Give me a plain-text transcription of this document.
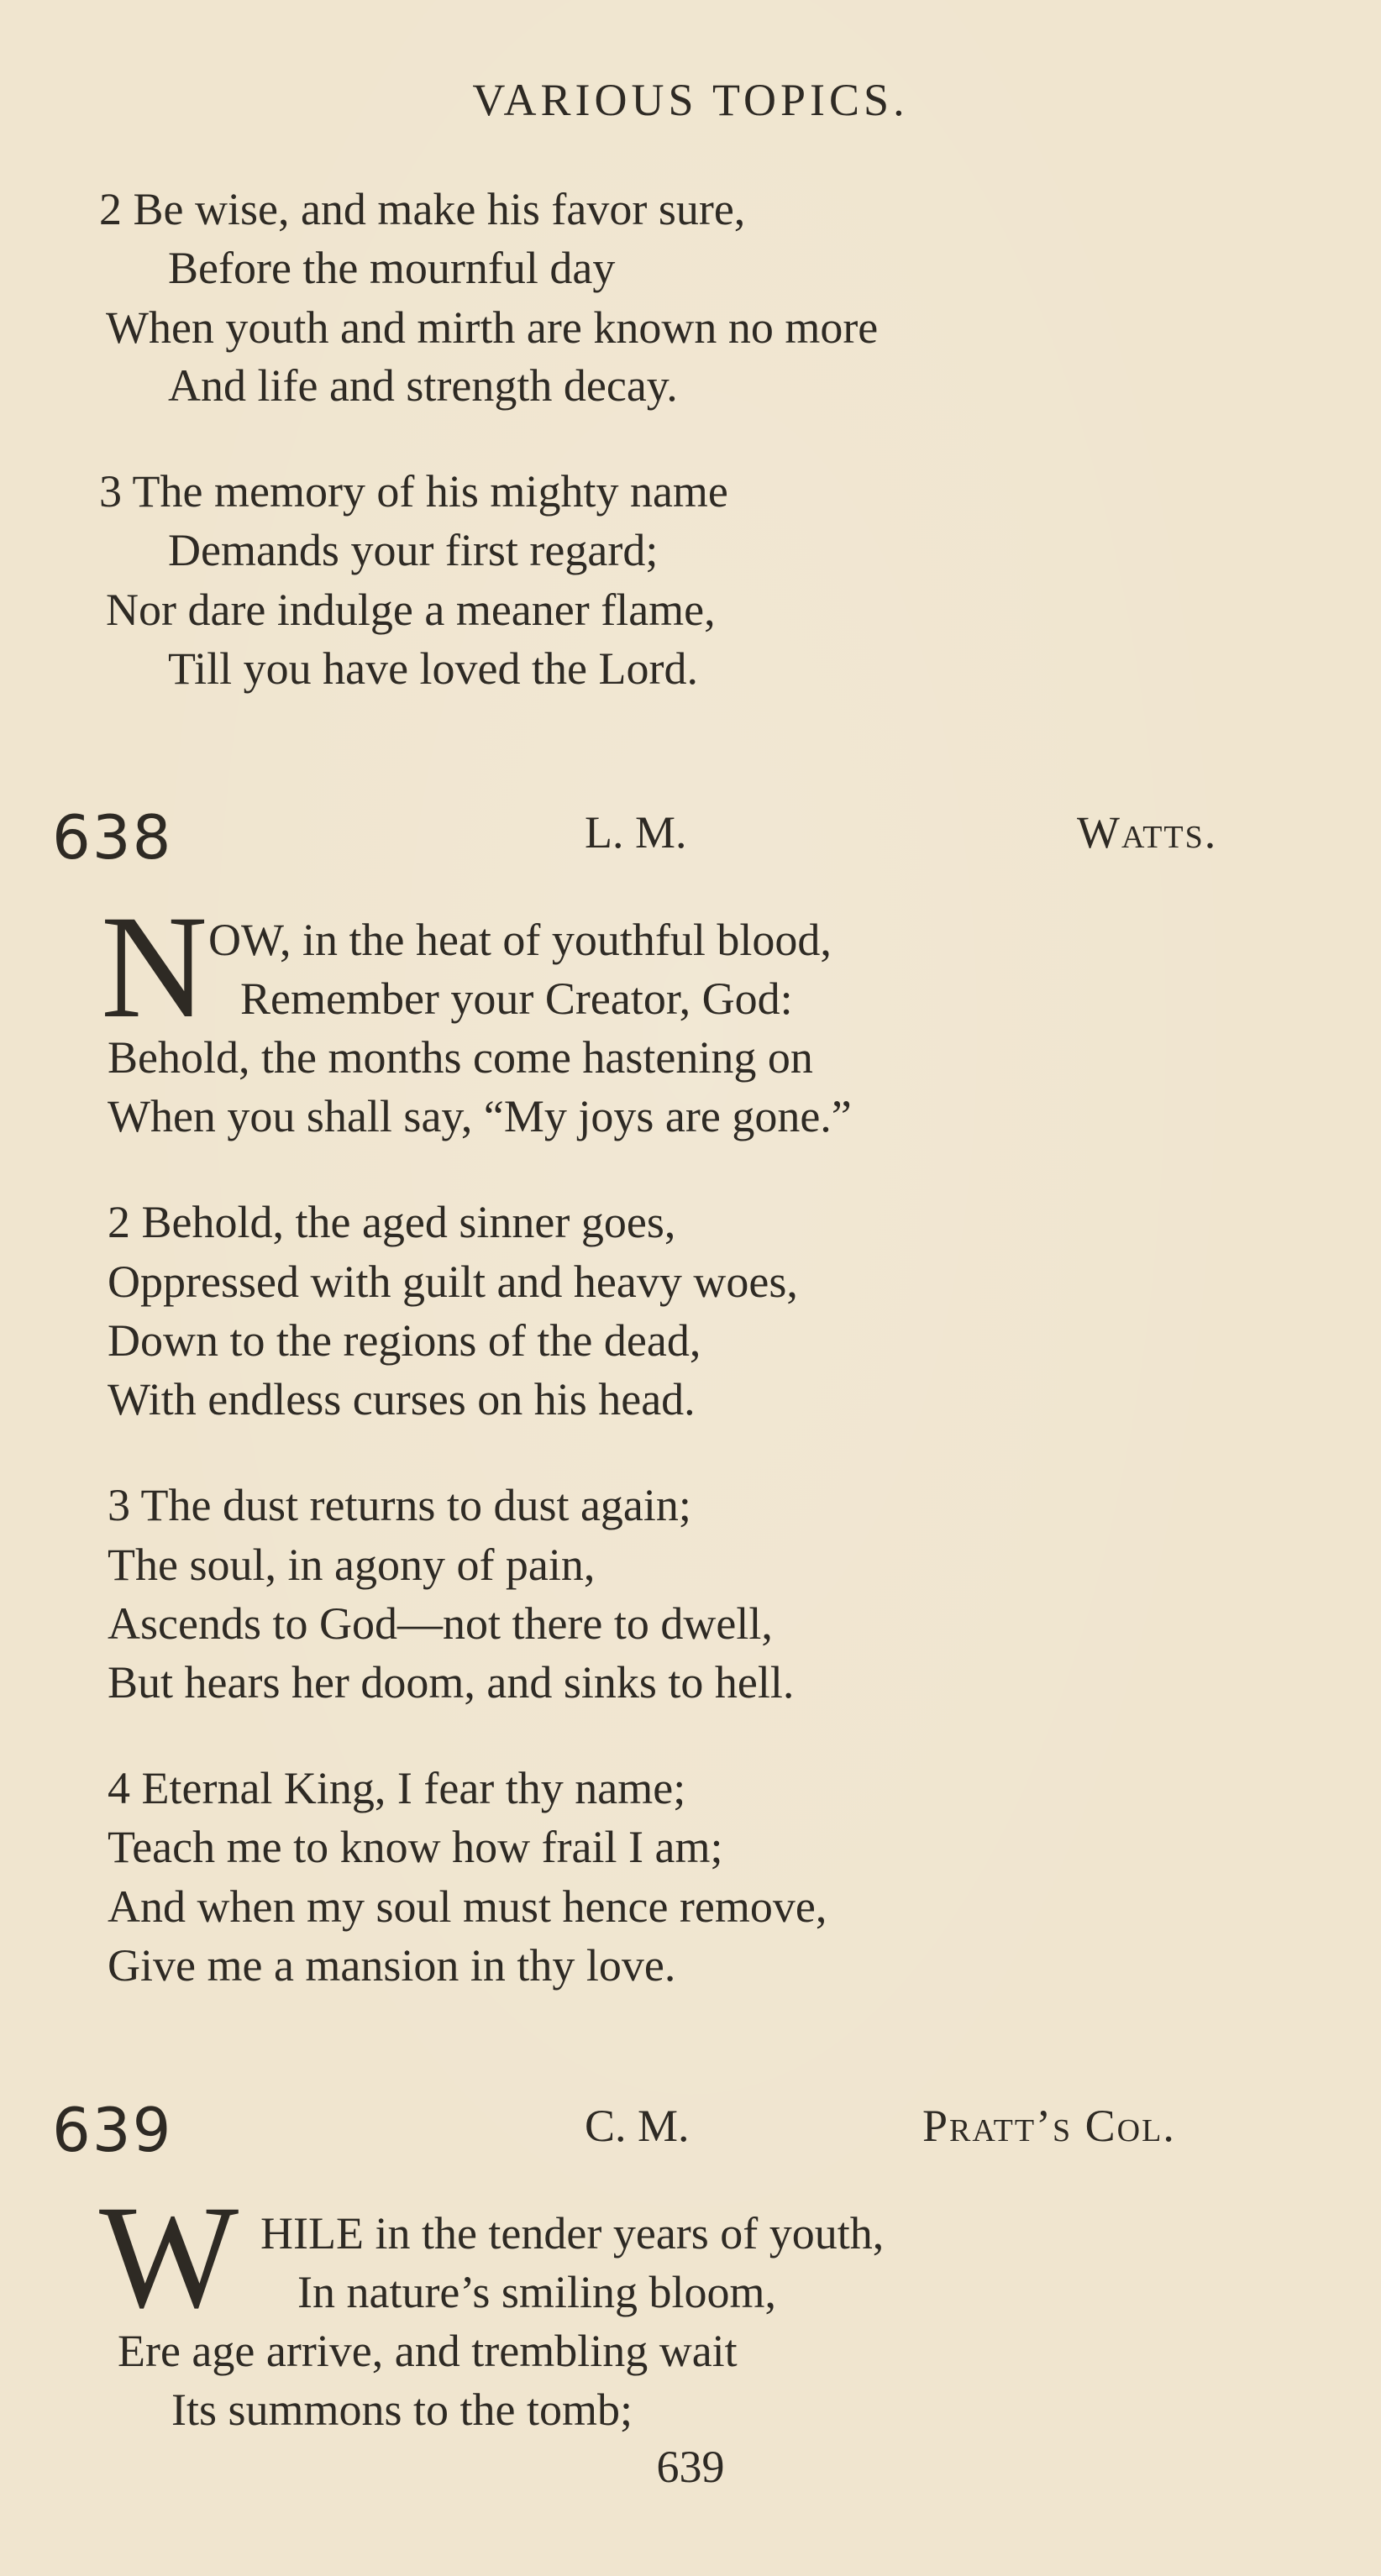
VARIOUS TOPICS.
2 Be wise, and make his favor sure,
Before the mournful day
When youth and mirth are known no more
And life and strength decay.
3 The memory of his mighty name
Demands your first regard;
Nor dare indulge a meaner flame,
Till you have loved the Lord.
638	L. M.	Watts.
N OW, in the heat of youthful blood,
Remember your Creator, God:
Behold, the months come hastening on
When you shall say, “My joys are gone.”
2 Behold, the aged sinner goes,
Oppressed with guilt and heavy woes,
Down to the regions of the dead,
With endless curses on his head.
3 The dust returns to dust again;
The soul, in agony of pain,
Ascends to God—not there to dwell,
But hears her doom, and sinks to hell.
4 Eternal King, I fear thy name;
Teach me to know how frail I am;
And when my soul must hence remove,
Give me a mansion in thy love.
639	C. M.	Pratt’s Col.
W HILE in the tender years of youth,
In nature’s smiling bloom,
Ere age arrive, and trembling wait
Its summons to the tomb;
639
